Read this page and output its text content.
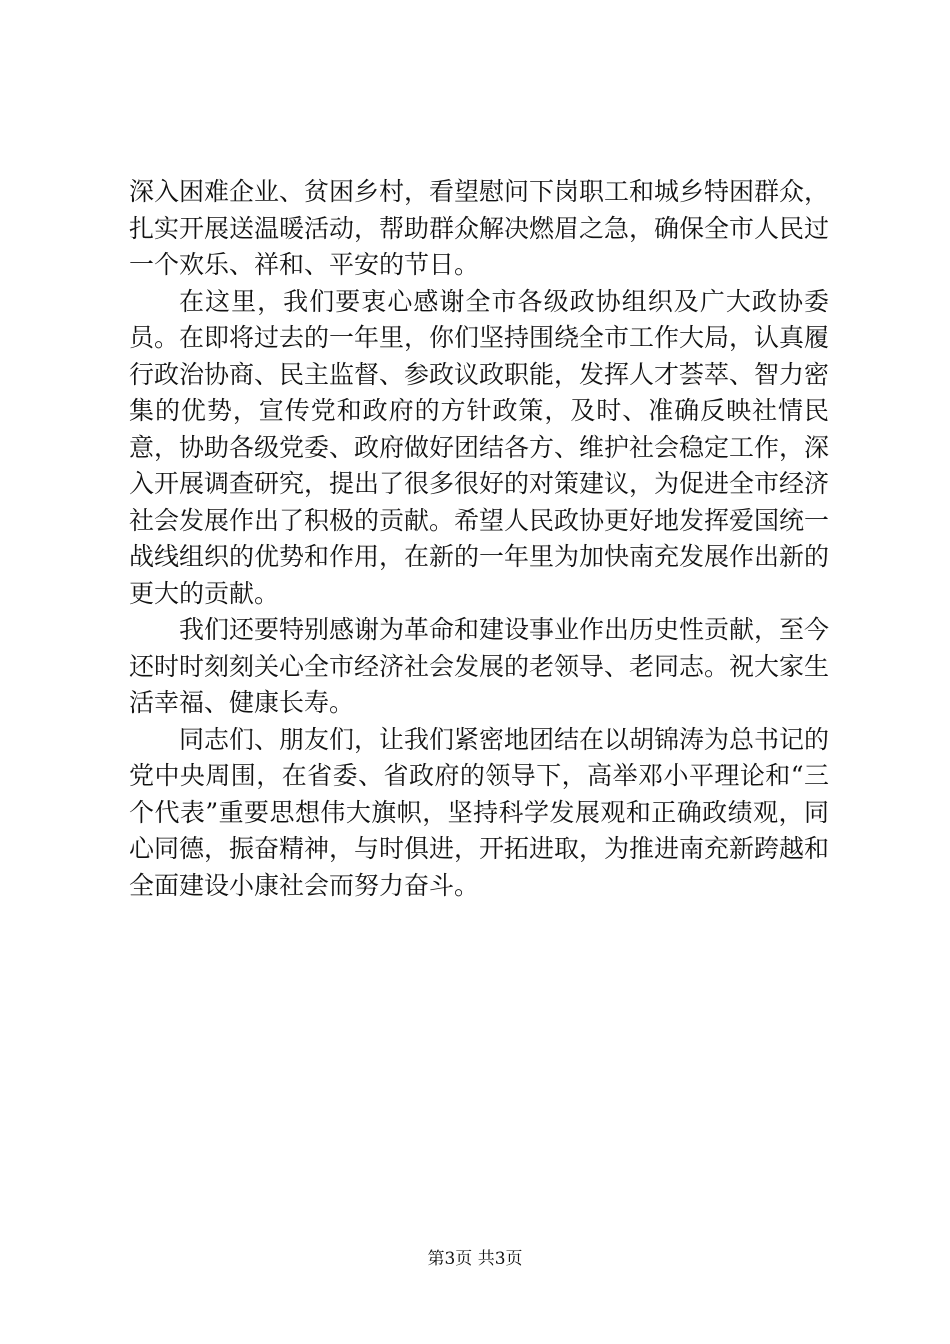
深入困难企业、贫困乡村，看望慰问下岗职工和城乡特困群众，扎实开展送温暖活动，帮助群众解决燃眉之急，确保全市人民过一个欢乐、祥和、平安的节日。

在这里，我们要衷心感谢全市各级政协组织及广大政协委员。在即将过去的一年里，你们坚持围绕全市工作大局，认真履行政治协商、民主监督、参政议政职能，发挥人才荟萃、智力密集的优势，宣传党和政府的方针政策，及时、准确反映社情民意，协助各级党委、政府做好团结各方、维护社会稳定工作，深入开展调查研究，提出了很多很好的对策建议，为促进全市经济社会发展作出了积极的贡献。希望人民政协更好地发挥爱国统一战线组织的优势和作用，在新的一年里为加快南充发展作出新的更大的贡献。

我们还要特别感谢为革命和建设事业作出历史性贡献，至今还时时刻刻关心全市经济社会发展的老领导、老同志。祝大家生活幸福、健康长寿。

同志们、朋友们，让我们紧密地团结在以胡锦涛为总书记的党中央周围，在省委、省政府的领导下，高举邓小平理论和“三个代表”重要思想伟大旗帜，坚持科学发展观和正确政绩观，同心同德，振奋精神，与时俱进，开拓进取，为推进南充新跨越和全面建设小康社会而努力奋斗。

第3页 共3页
